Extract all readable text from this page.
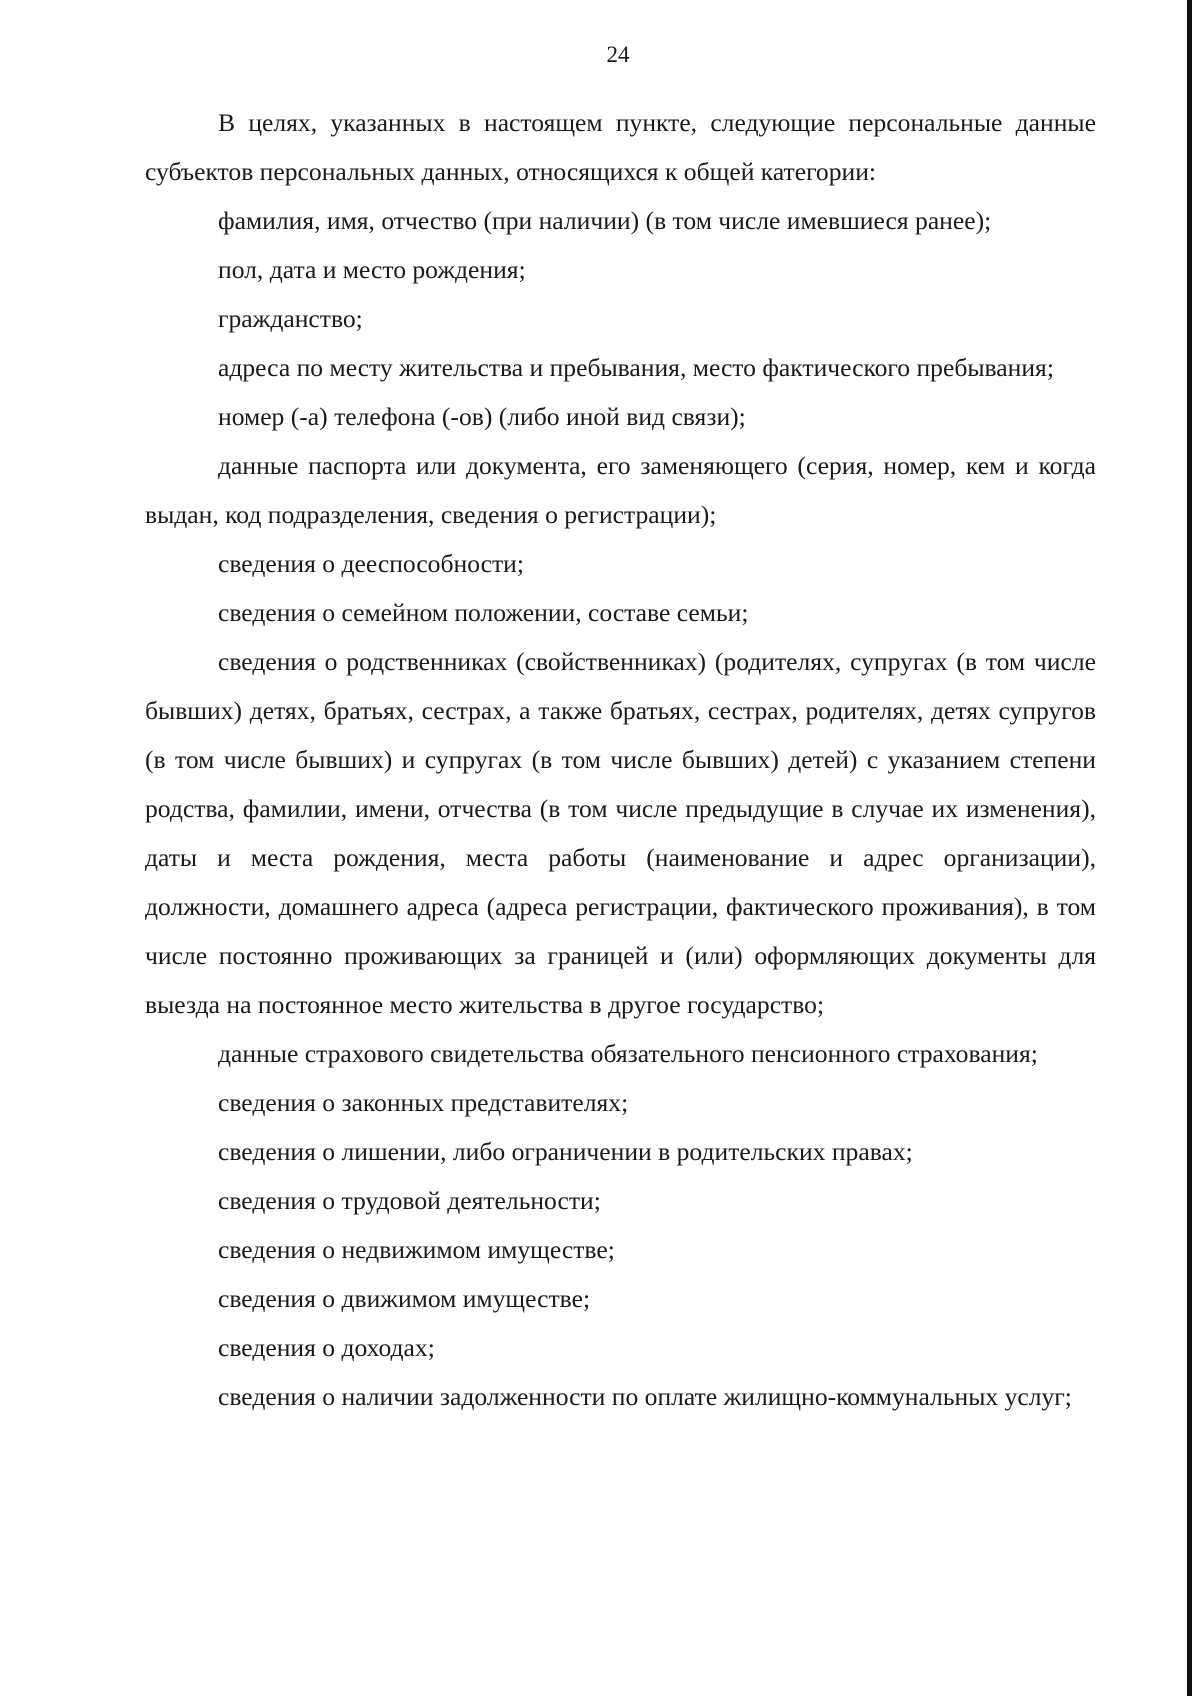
24

В целях, указанных в настоящем пункте, следующие персональные данные субъектов персональных данных, относящихся к общей категории:

фамилия, имя, отчество (при наличии) (в том числе имевшиеся ранее);

пол, дата и место рождения;

гражданство;

адреса по месту жительства и пребывания, место фактического пребывания;

номер (-а) телефона (-ов) (либо иной вид связи);

данные паспорта или документа, его заменяющего (серия, номер, кем и когда выдан, код подразделения, сведения о регистрации);

сведения о дееспособности;

сведения о семейном положении, составе семьи;

сведения о родственниках (свойственниках) (родителях, супругах (в том числе бывших) детях, братьях, сестрах, а также братьях, сестрах, родителях, детях супругов (в том числе бывших) и супругах (в том числе бывших) детей) с указанием степени родства, фамилии, имени, отчества (в том числе предыдущие в случае их изменения), даты и места рождения, места работы (наименование и адрес организации), должности, домашнего адреса (адреса регистрации, фактического проживания), в том числе постоянно проживающих за границей и (или) оформляющих документы для выезда на постоянное место жительства в другое государство;

данные страхового свидетельства обязательного пенсионного страхования;

сведения о законных представителях;

сведения о лишении, либо ограничении в родительских правах;

сведения о трудовой деятельности;

сведения о недвижимом имуществе;

сведения о движимом имуществе;

сведения о доходах;

сведения о наличии задолженности по оплате жилищно-коммунальных услуг;
